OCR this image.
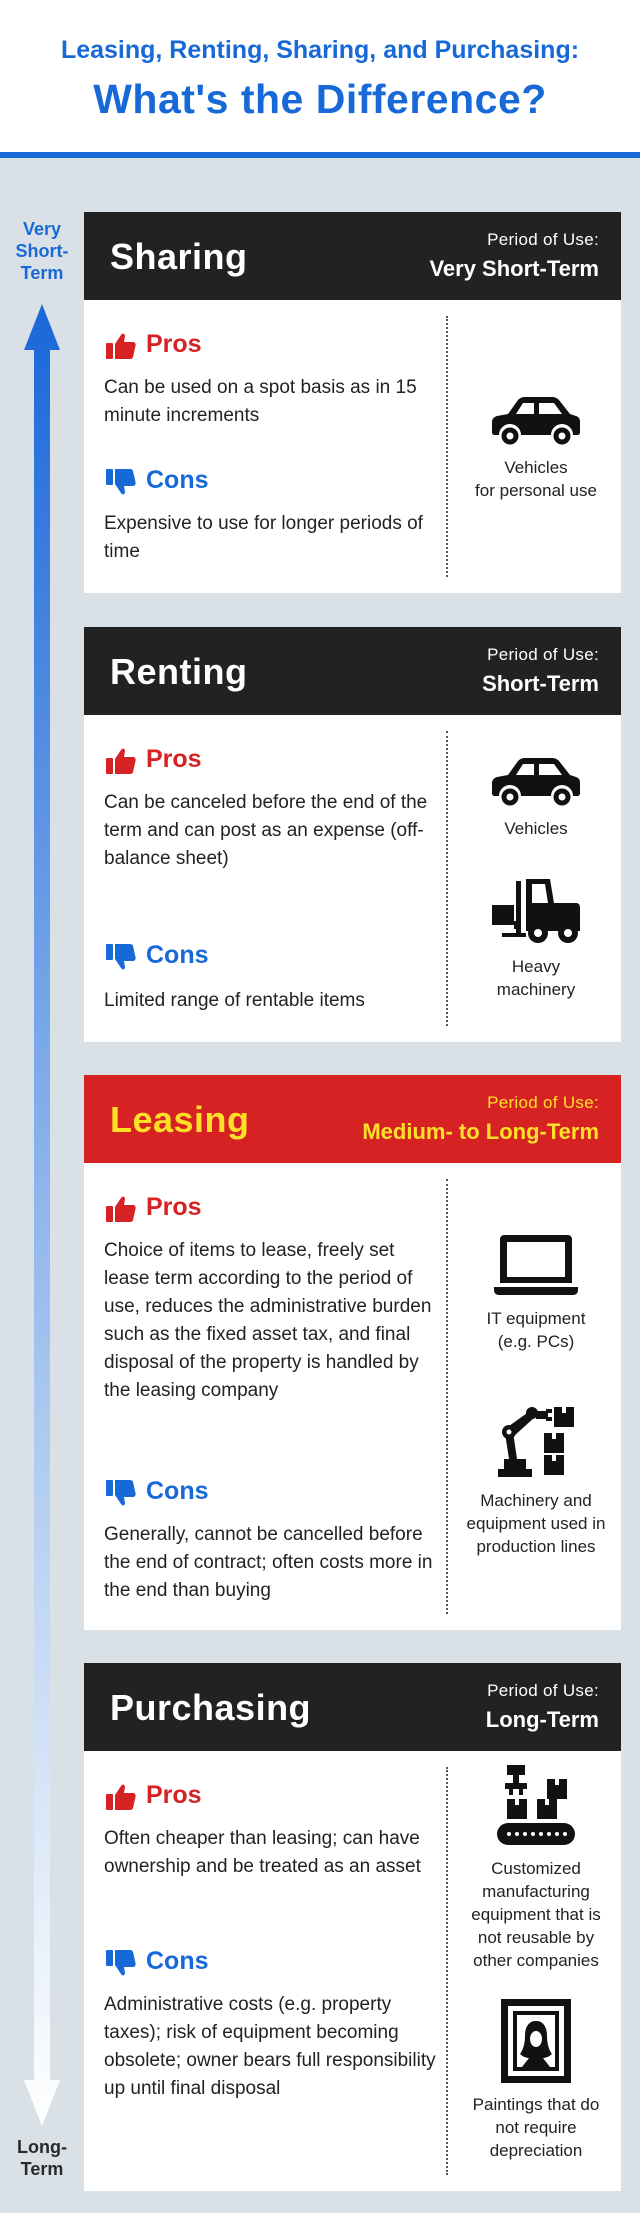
Leasing, Renting, Sharing, and Purchasing:
What's the Difference?
Very
Short-
Term
Long-
Term
Sharing	Period of Use:
Very Short-Term
Pros
Can be used on a spot basis as in 15 minute increments
Cons
Expensive to use for longer periods of time
Vehicles
for personal use
Renting	Period of Use:
Short-Term
Pros
Can be canceled before the end of the term and can post as an expense (off-balance sheet)
Cons
Limited range of rentable items
Vehicles
Heavy
machinery
Leasing	Period of Use:
Medium- to Long-Term
Pros
Choice of items to lease, freely set lease term according to the period of use, reduces the administrative burden such as the fixed asset tax, and final disposal of the property is handled by the leasing company
Cons
Generally, cannot be cancelled before the end of contract; often costs more in the end than buying
IT equipment
(e.g. PCs)
Machinery and
equipment used in
production lines
Purchasing	Period of Use:
Long-Term
Pros
Often cheaper than leasing; can have ownership and be treated as an asset
Cons
Administrative costs (e.g. property taxes); risk of equipment becoming obsolete; owner bears full responsibility up until final disposal
Customized
manufacturing
equipment that is
not reusable by
other companies
Paintings that do
not require
depreciation
